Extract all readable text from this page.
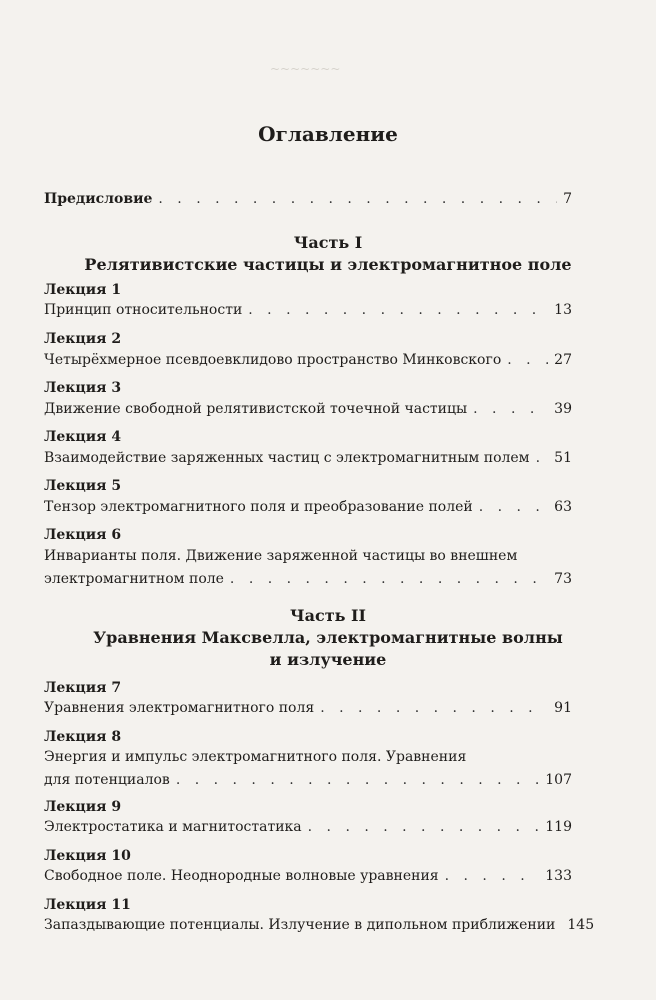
~~~~~~~
Оглавление
Предисловие . . .	7
Часть I
Релятивистские частицы и электромагнитное поле
Лекция 1
Принцип относительности . . .	13
Лекция 2
Четырёхмерное псевдоевклидово пространство Минковского . . .	27
Лекция 3
Движение свободной релятивистской точечной частицы . . .	39
Лекция 4
Взаимодействие заряженных частиц с электромагнитным полем . . . 51
Лекция 5
Тензор электромагнитного поля и преобразование полей . . .	63
Лекция 6
Инварианты поля. Движение заряженной частицы во внешнем
электромагнитном поле . . .	73
Часть II
Уравнения Максвелла, электромагнитные волны
и излучение
Лекция 7
Уравнения электромагнитного поля . . .	91
Лекция 8
Энергия и импульс электромагнитного поля. Уравнения
для потенциалов . . .	107
Лекция 9
Электростатика и магнитостатика . . .	119
Лекция 10
Свободное поле. Неоднородные волновые уравнения . . .	133
Лекция 11
Запаздывающие потенциалы. Излучение в дипольном приближении 145
